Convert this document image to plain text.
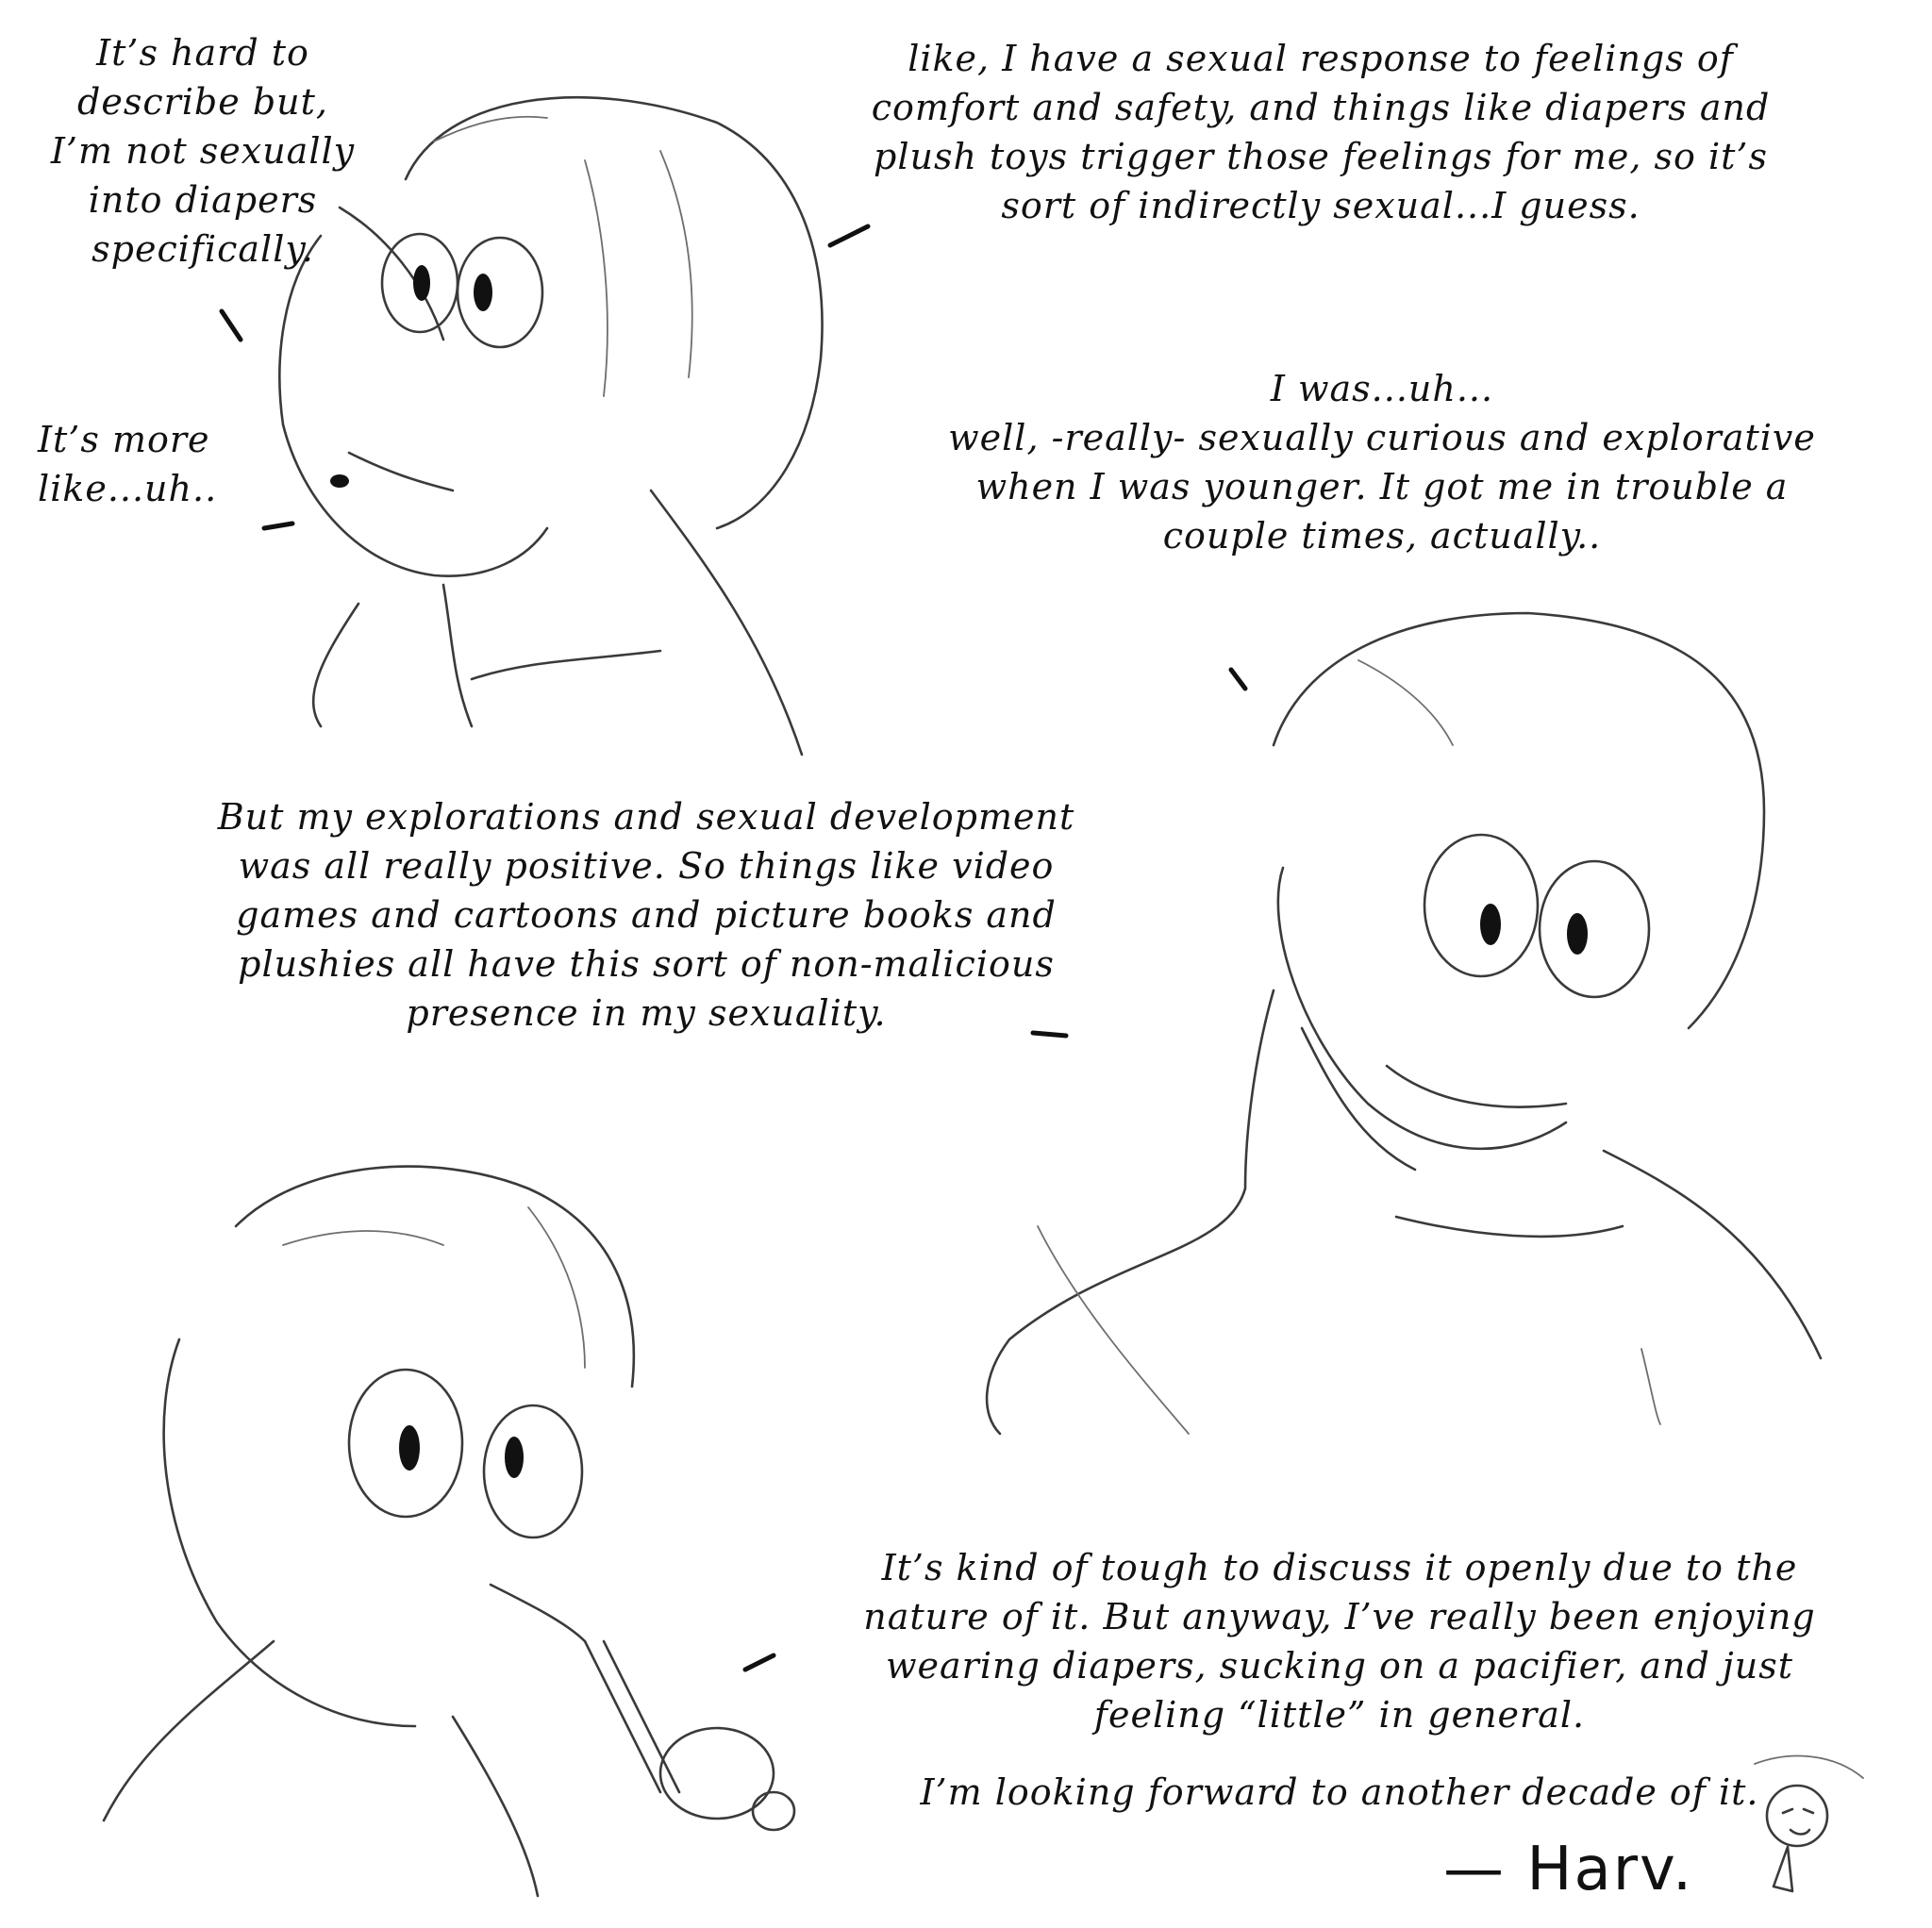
It’s hard to
describe but,
I’m not sexually
into diapers
specifically.
like, I have a sexual response to feelings of
comfort and safety, and things like diapers and
plush toys trigger those feelings for me, so it’s
sort of indirectly sexual...I guess.
It’s more
like...uh..
I was...uh...
well, -really- sexually curious and explorative
when I was younger. It got me in trouble a
couple times, actually..
But my explorations and sexual development
was all really positive. So things like video
games and cartoons and picture books and
plushies all have this sort of non-malicious
presence in my sexuality.
It’s kind of tough to discuss it openly due to the
nature of it. But anyway, I’ve really been enjoying
wearing diapers, sucking on a pacifier, and just
feeling “little” in general.
I’m looking forward to another decade of it.
— Harv.
